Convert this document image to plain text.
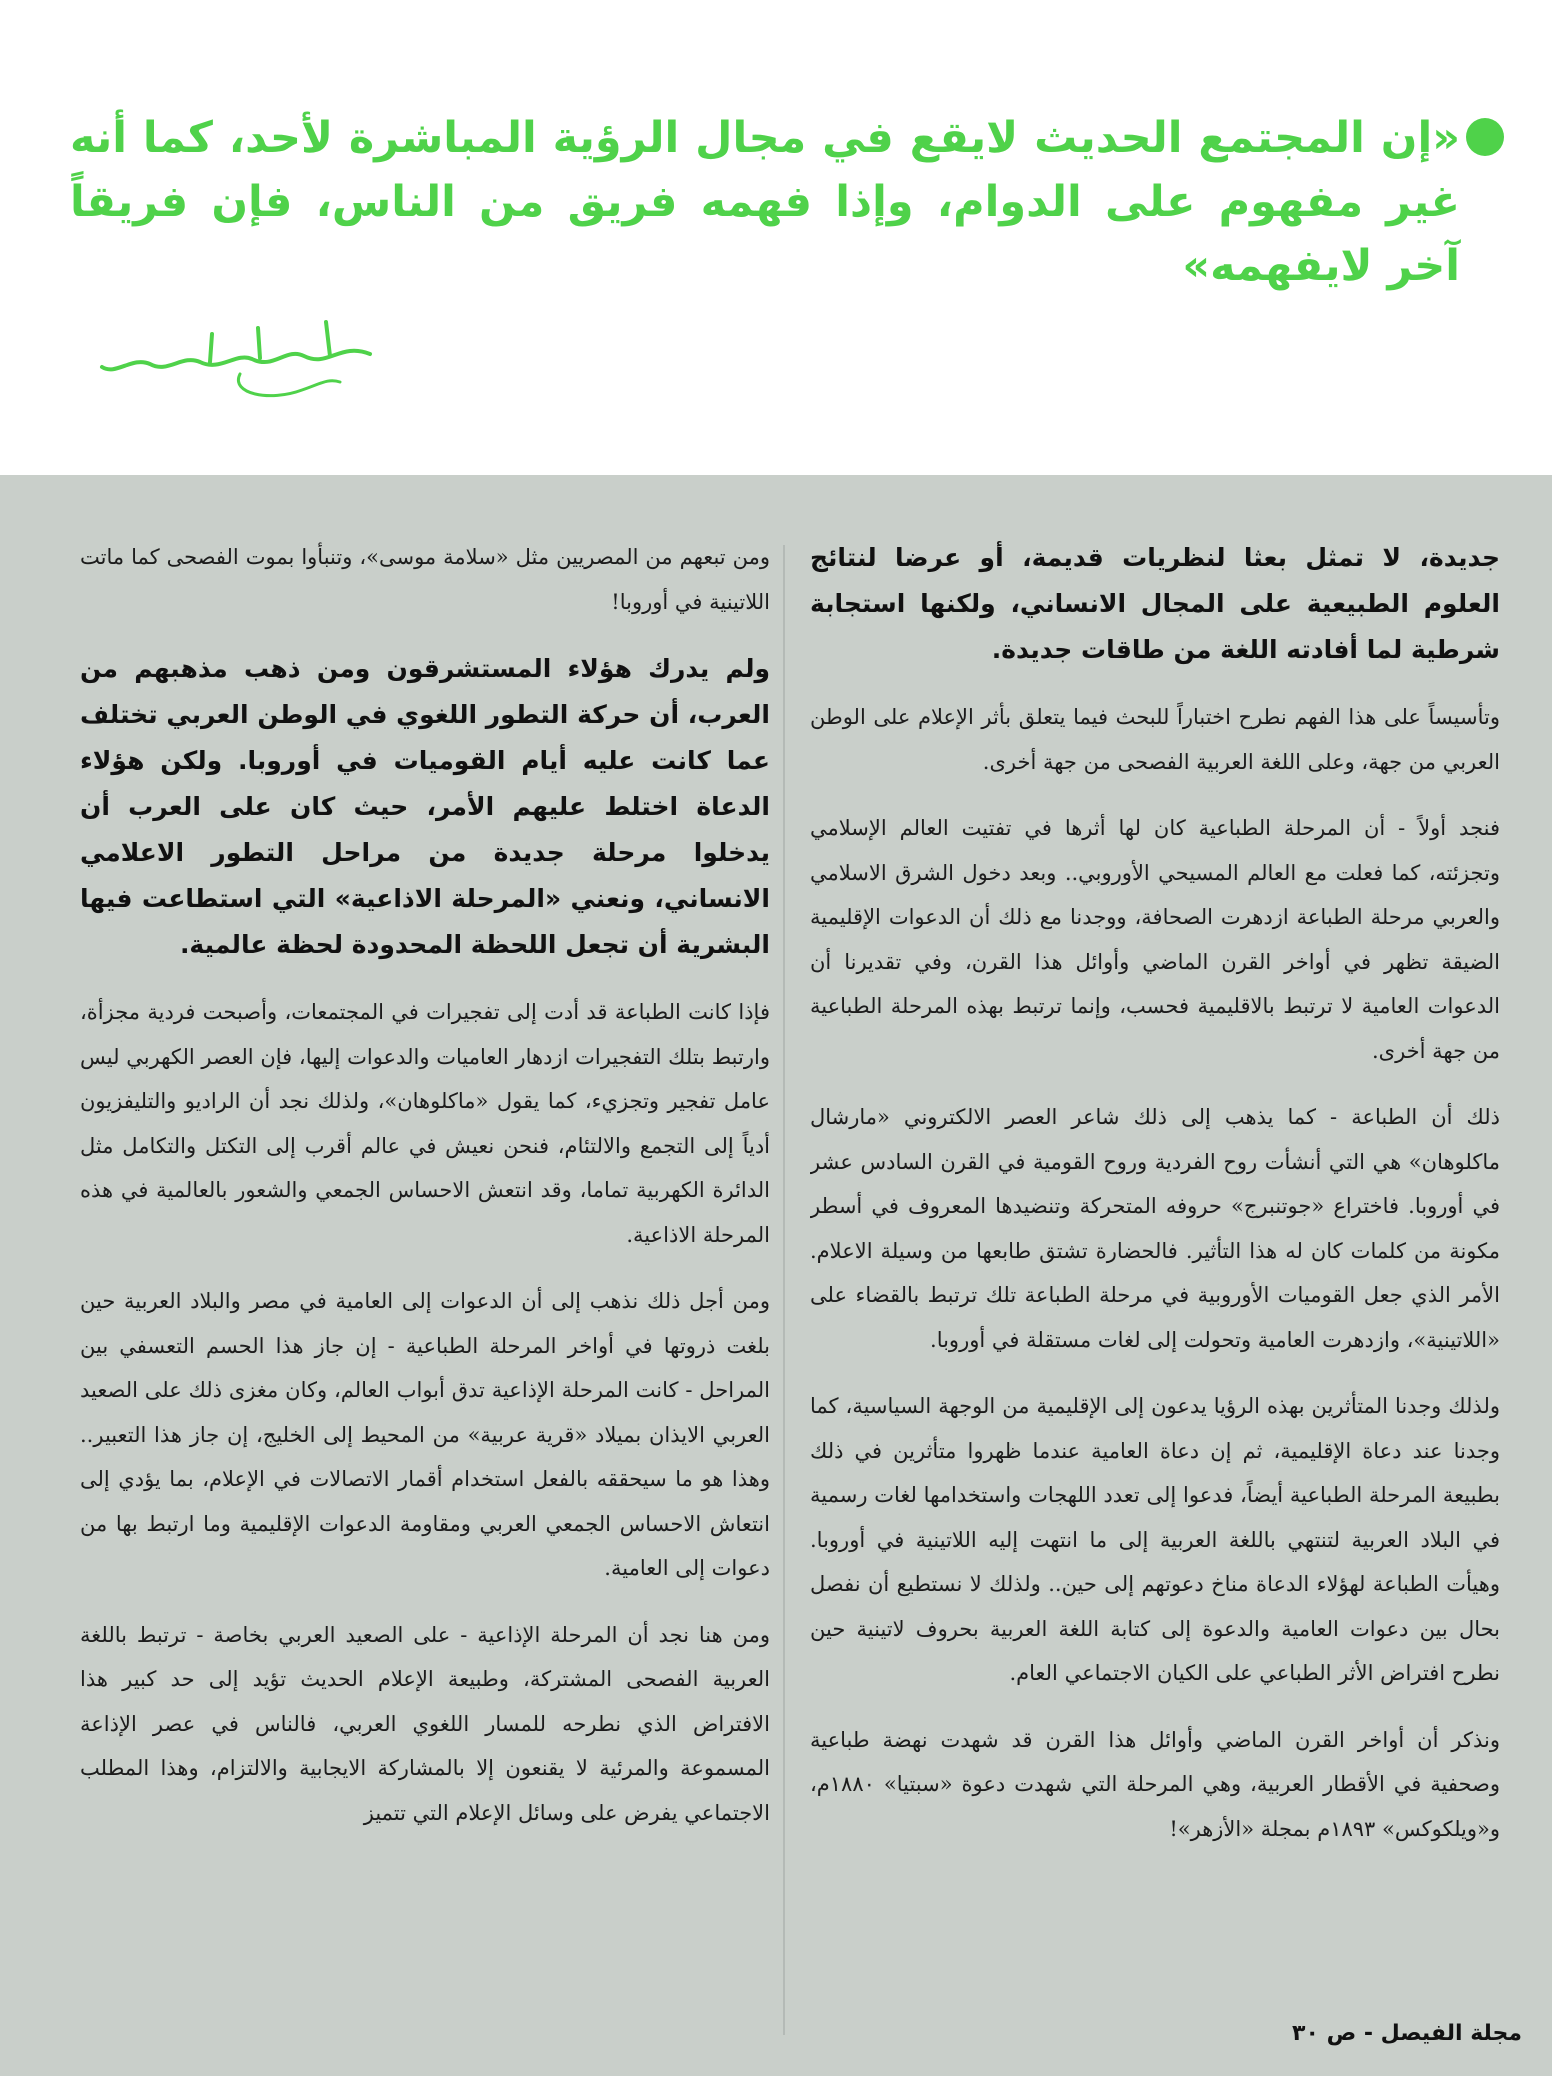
«إن المجتمع الحديث لايقع في مجال الرؤية المباشرة لأحد، كما أنه غير مفهوم على الدوام، وإذا فهمه فريق من الناس، فإن فريقاً آخر لايفهمه»

جديدة، لا تمثل بعثا لنظريات قديمة، أو عرضا لنتائج العلوم الطبيعية على المجال الانساني، ولكنها استجابة شرطية لما أفادته اللغة من طاقات جديدة.

وتأسيساً على هذا الفهم نطرح اختباراً للبحث فيما يتعلق بأثر الإعلام على الوطن العربي من جهة، وعلى اللغة العربية الفصحى من جهة أخرى.

فنجد أولاً - أن المرحلة الطباعية كان لها أثرها في تفتيت العالم الإسلامي وتجزئته، كما فعلت مع العالم المسيحي الأوروبي.. وبعد دخول الشرق الاسلامي والعربي مرحلة الطباعة ازدهرت الصحافة، ووجدنا مع ذلك أن الدعوات الإقليمية الضيقة تظهر في أواخر القرن الماضي وأوائل هذا القرن، وفي تقديرنا أن الدعوات العامية لا ترتبط بالاقليمية فحسب، وإنما ترتبط بهذه المرحلة الطباعية من جهة أخرى.

ذلك أن الطباعة - كما يذهب إلى ذلك شاعر العصر الالكتروني «مارشال ماكلوهان» هي التي أنشأت روح الفردية وروح القومية في القرن السادس عشر في أوروبا. فاختراع «جوتنبرج» حروفه المتحركة وتنضيدها المعروف في أسطر مكونة من كلمات كان له هذا التأثير. فالحضارة تشتق طابعها من وسيلة الاعلام. الأمر الذي جعل القوميات الأوروبية في مرحلة الطباعة تلك ترتبط بالقضاء على «اللاتينية»، وازدهرت العامية وتحولت إلى لغات مستقلة في أوروبا.

ولذلك وجدنا المتأثرين بهذه الرؤيا يدعون إلى الإقليمية من الوجهة السياسية، كما وجدنا عند دعاة الإقليمية، ثم إن دعاة العامية عندما ظهروا متأثرين في ذلك بطبيعة المرحلة الطباعية أيضاً، فدعوا إلى تعدد اللهجات واستخدامها لغات رسمية في البلاد العربية لتنتهي باللغة العربية إلى ما انتهت إليه اللاتينية في أوروبا. وهيأت الطباعة لهؤلاء الدعاة مناخ دعوتهم إلى حين.. ولذلك لا نستطيع أن نفصل بحال بين دعوات العامية والدعوة إلى كتابة اللغة العربية بحروف لاتينية حين نطرح افتراض الأثر الطباعي على الكيان الاجتماعي العام.

ونذكر أن أواخر القرن الماضي وأوائل هذا القرن قد شهدت نهضة طباعية وصحفية في الأقطار العربية، وهي المرحلة التي شهدت دعوة «سبتيا» ١٨٨٠م، و«ويلكوكس» ١٨٩٣م بمجلة «الأزهر»!

ومن تبعهم من المصريين مثل «سلامة موسى»، وتنبأوا بموت الفصحى كما ماتت اللاتينية في أوروبا!

ولم يدرك هؤلاء المستشرقون ومن ذهب مذهبهم من العرب، أن حركة التطور اللغوي في الوطن العربي تختلف عما كانت عليه أيام القوميات في أوروبا. ولكن هؤلاء الدعاة اختلط عليهم الأمر، حيث كان على العرب أن يدخلوا مرحلة جديدة من مراحل التطور الاعلامي الانساني، ونعني «المرحلة الاذاعية» التي استطاعت فيها البشرية أن تجعل اللحظة المحدودة لحظة عالمية.

فإذا كانت الطباعة قد أدت إلى تفجيرات في المجتمعات، وأصبحت فردية مجزأة، وارتبط بتلك التفجيرات ازدهار العاميات والدعوات إليها، فإن العصر الكهربي ليس عامل تفجير وتجزيء، كما يقول «ماكلوهان»، ولذلك نجد أن الراديو والتليفزيون أدياً إلى التجمع والالتئام، فنحن نعيش في عالم أقرب إلى التكتل والتكامل مثل الدائرة الكهربية تماما، وقد انتعش الاحساس الجمعي والشعور بالعالمية في هذه المرحلة الاذاعية.

ومن أجل ذلك نذهب إلى أن الدعوات إلى العامية في مصر والبلاد العربية حين بلغت ذروتها في أواخر المرحلة الطباعية - إن جاز هذا الحسم التعسفي بين المراحل - كانت المرحلة الإذاعية تدق أبواب العالم، وكان مغزى ذلك على الصعيد العربي الايذان بميلاد «قرية عربية» من المحيط إلى الخليج، إن جاز هذا التعبير.. وهذا هو ما سيحققه بالفعل استخدام أقمار الاتصالات في الإعلام، بما يؤدي إلى انتعاش الاحساس الجمعي العربي ومقاومة الدعوات الإقليمية وما ارتبط بها من دعوات إلى العامية.

ومن هنا نجد أن المرحلة الإذاعية - على الصعيد العربي بخاصة - ترتبط باللغة العربية الفصحى المشتركة، وطبيعة الإعلام الحديث تؤيد إلى حد كبير هذا الافتراض الذي نطرحه للمسار اللغوي العربي، فالناس في عصر الإذاعة المسموعة والمرئية لا يقنعون إلا بالمشاركة الايجابية والالتزام، وهذا المطلب الاجتماعي يفرض على وسائل الإعلام التي تتميز

مجلة الفيصل - ص ٣٠
